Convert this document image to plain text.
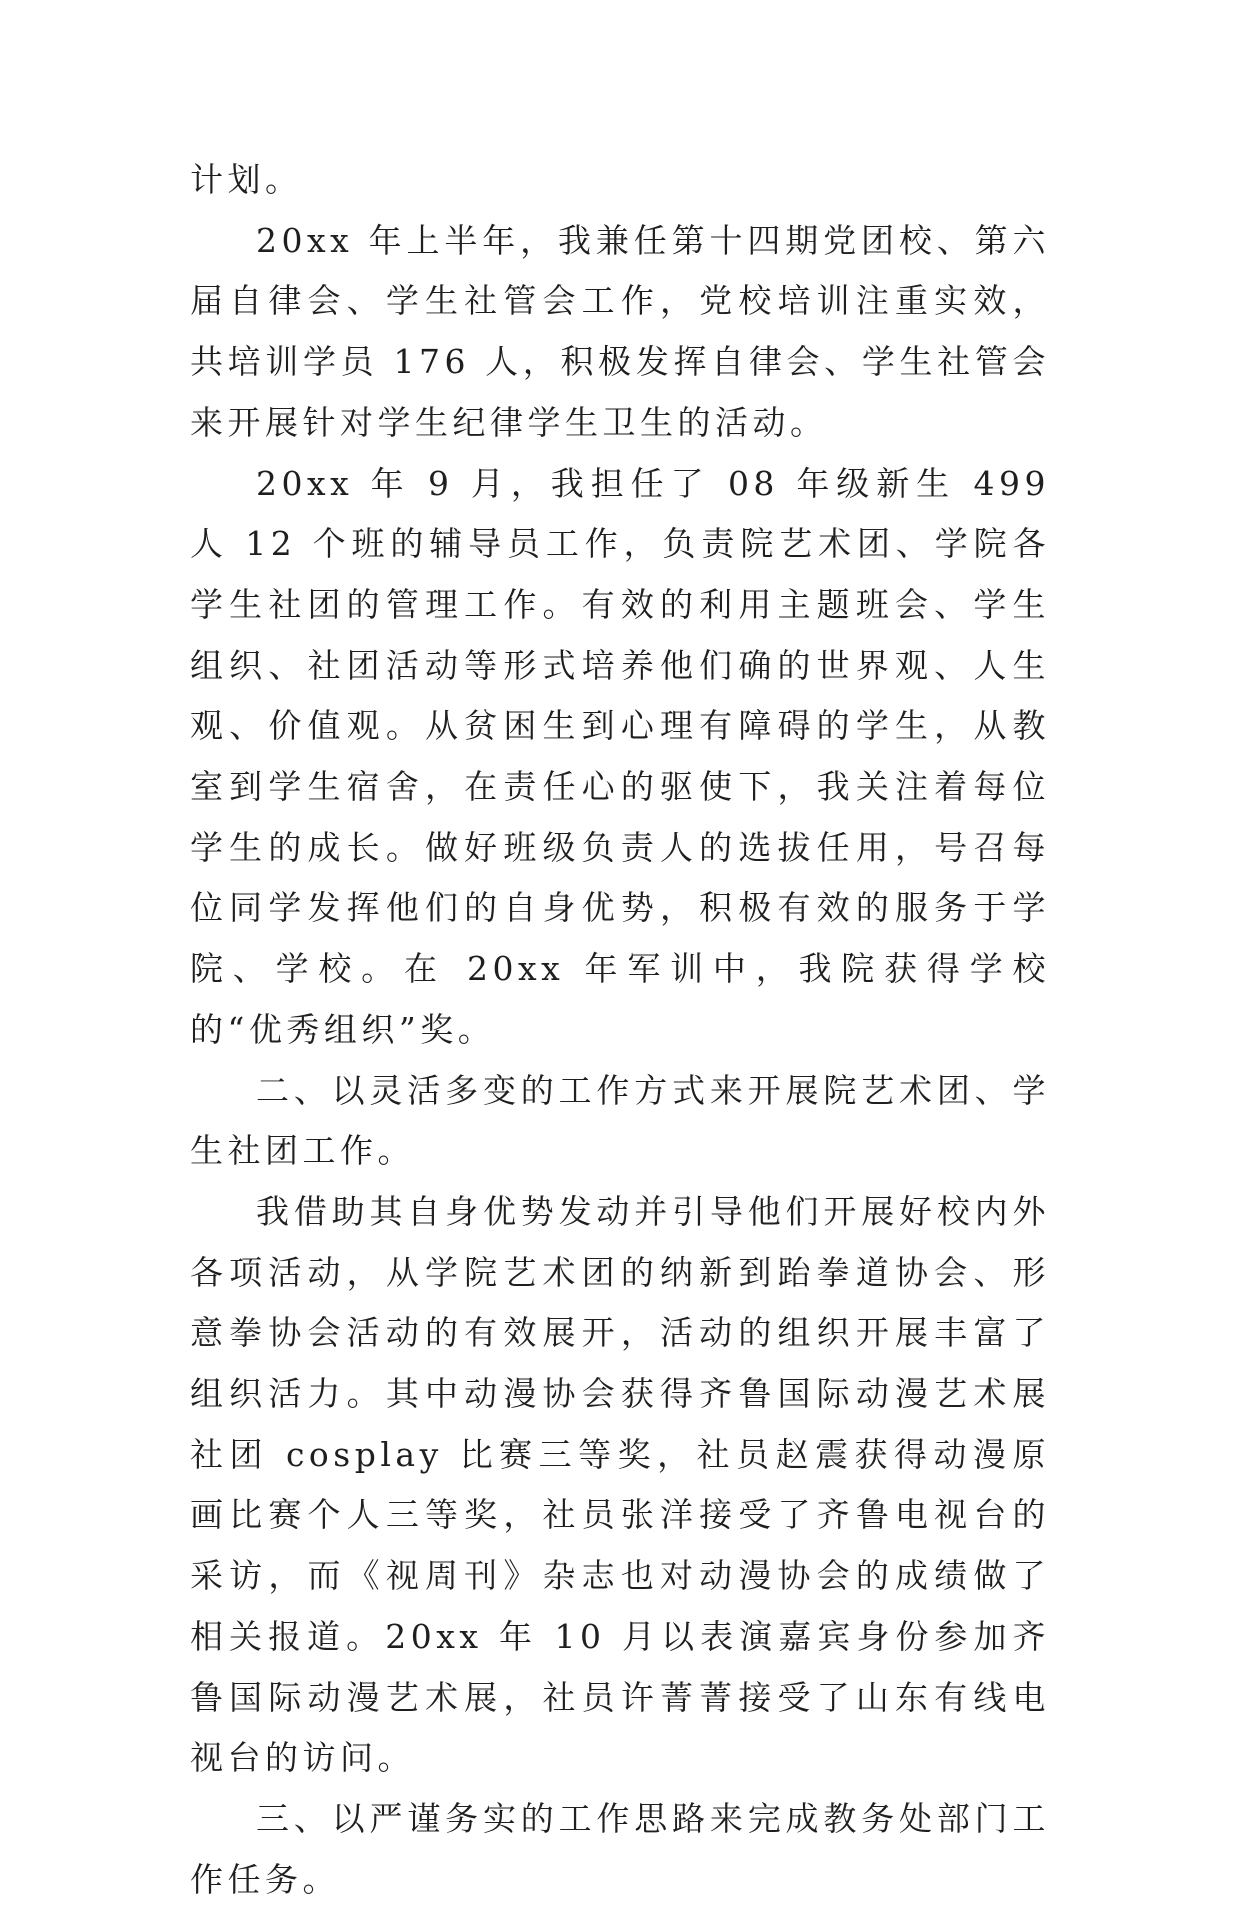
计划。

20xx 年上半年，我兼任第十四期党团校、第六届自律会、学生社管会工作，党校培训注重实效，共培训学员 176 人，积极发挥自律会、学生社管会来开展针对学生纪律学生卫生的活动。

20xx 年 9 月，我担任了 08 年级新生 499 人 12 个班的辅导员工作，负责院艺术团、学院各学生社团的管理工作。有效的利用主题班会、学生组织、社团活动等形式培养他们确的世界观、人生观、价值观。从贫困生到心理有障碍的学生，从教室到学生宿舍，在责任心的驱使下，我关注着每位学生的成长。做好班级负责人的选拔任用，号召每位同学发挥他们的自身优势，积极有效的服务于学院、学校。在 20xx 年军训中，我院获得学校的“优秀组织”奖。

二、以灵活多变的工作方式来开展院艺术团、学生社团工作。

我借助其自身优势发动并引导他们开展好校内外各项活动，从学院艺术团的纳新到跆拳道协会、形意拳协会活动的有效展开，活动的组织开展丰富了组织活力。其中动漫协会获得齐鲁国际动漫艺术展社团 cosplay 比赛三等奖，社员赵震获得动漫原画比赛个人三等奖，社员张洋接受了齐鲁电视台的采访，而《视周刊》杂志也对动漫协会的成绩做了相关报道。20xx 年 10 月以表演嘉宾身份参加齐鲁国际动漫艺术展，社员许菁菁接受了山东有线电视台的访问。

三、以严谨务实的工作思路来完成教务处部门工作任务。
